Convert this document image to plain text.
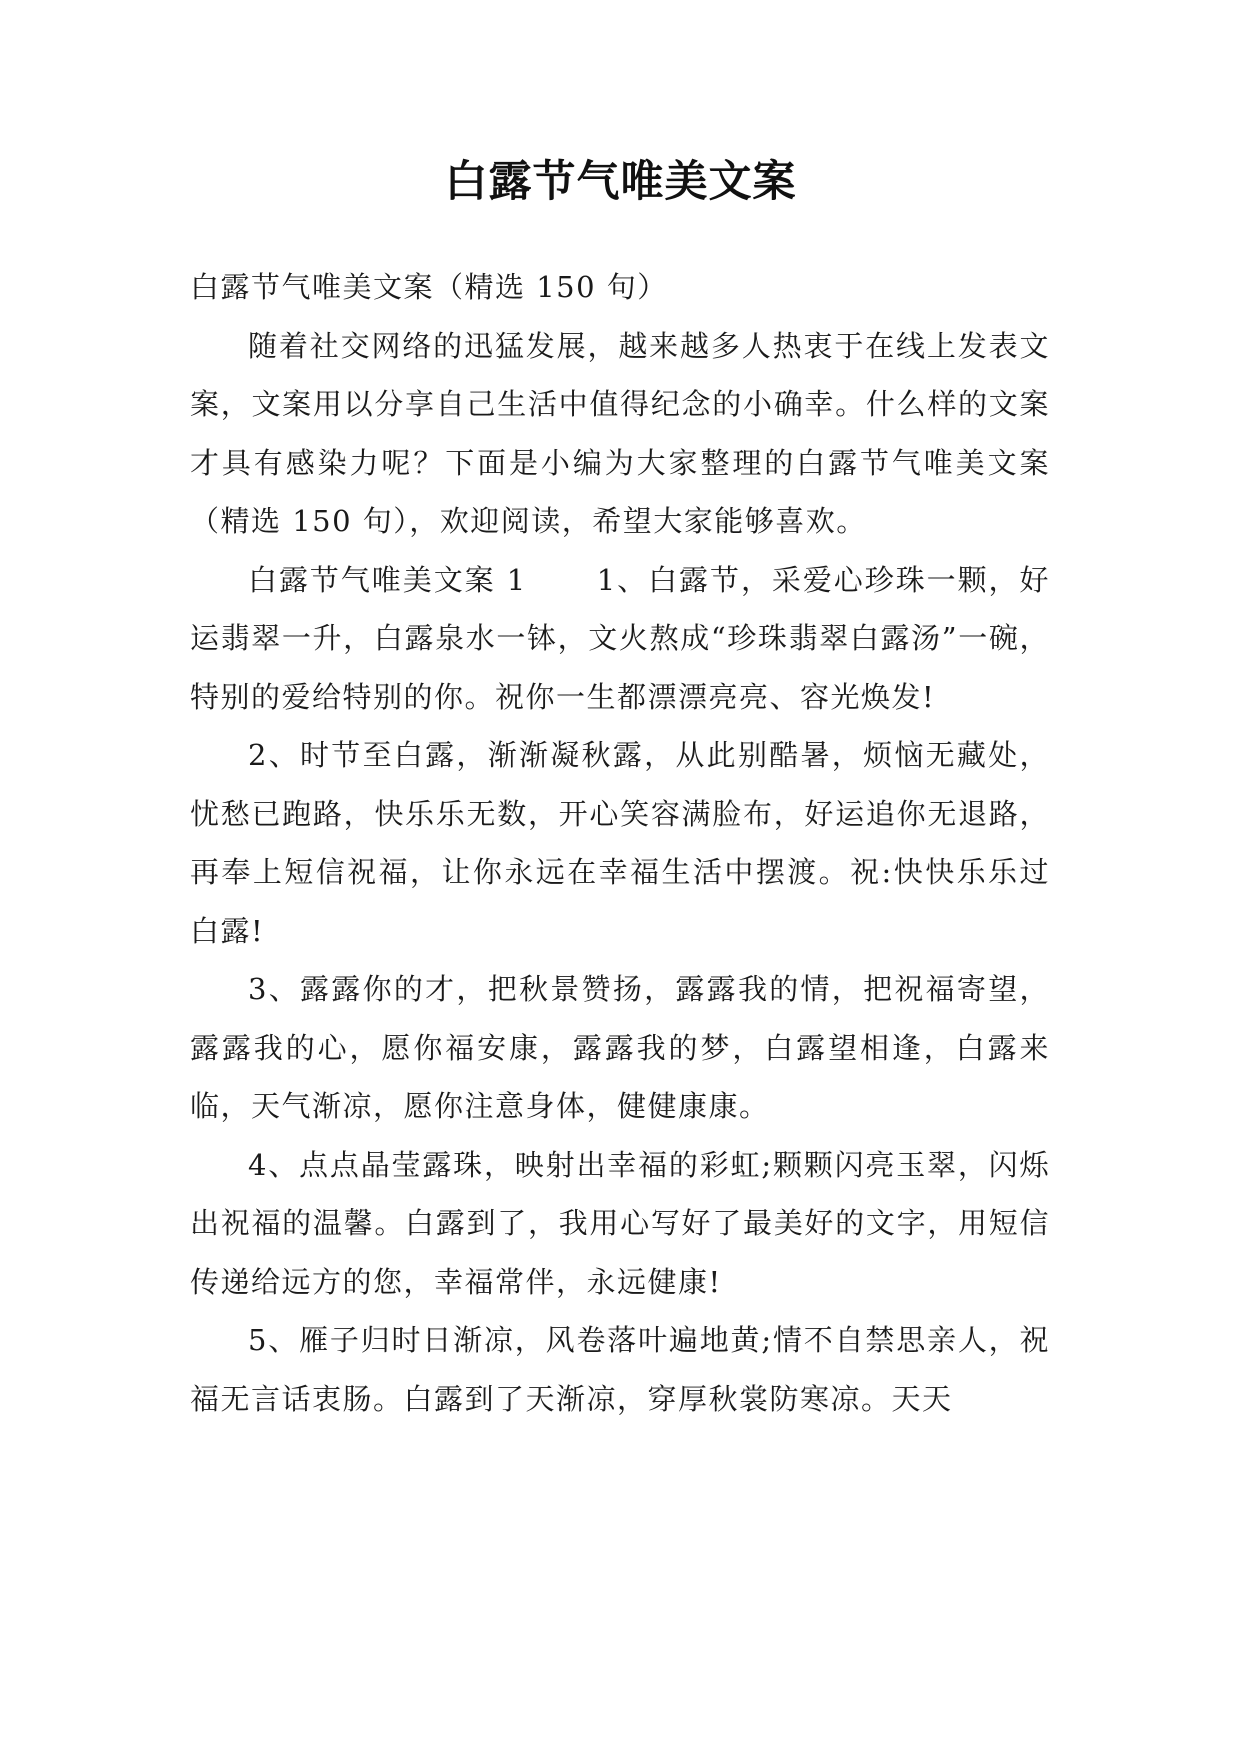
白露节气唯美文案

白露节气唯美文案（精选 150 句）

随着社交网络的迅猛发展，越来越多人热衷于在线上发表文案，文案用以分享自己生活中值得纪念的小确幸。什么样的文案才具有感染力呢？下面是小编为大家整理的白露节气唯美文案（精选 150 句），欢迎阅读，希望大家能够喜欢。

白露节气唯美文案 1 1、白露节，采爱心珍珠一颗，好运翡翠一升，白露泉水一钵，文火熬成“珍珠翡翠白露汤”一碗，特别的爱给特别的你。祝你一生都漂漂亮亮、容光焕发!

2、时节至白露，渐渐凝秋露，从此别酷暑，烦恼无藏处，忧愁已跑路，快乐乐无数，开心笑容满脸布，好运追你无退路，再奉上短信祝福，让你永远在幸福生活中摆渡。祝:快快乐乐过白露!

3、露露你的才，把秋景赞扬，露露我的情，把祝福寄望，露露我的心，愿你福安康，露露我的梦，白露望相逢，白露来临，天气渐凉，愿你注意身体，健健康康。

4、点点晶莹露珠，映射出幸福的彩虹;颗颗闪亮玉翠，闪烁出祝福的温馨。白露到了，我用心写好了最美好的文字，用短信传递给远方的您，幸福常伴，永远健康!

5、雁子归时日渐凉，风卷落叶遍地黄;情不自禁思亲人，祝福无言话衷肠。白露到了天渐凉，穿厚秋裳防寒凉。天天
